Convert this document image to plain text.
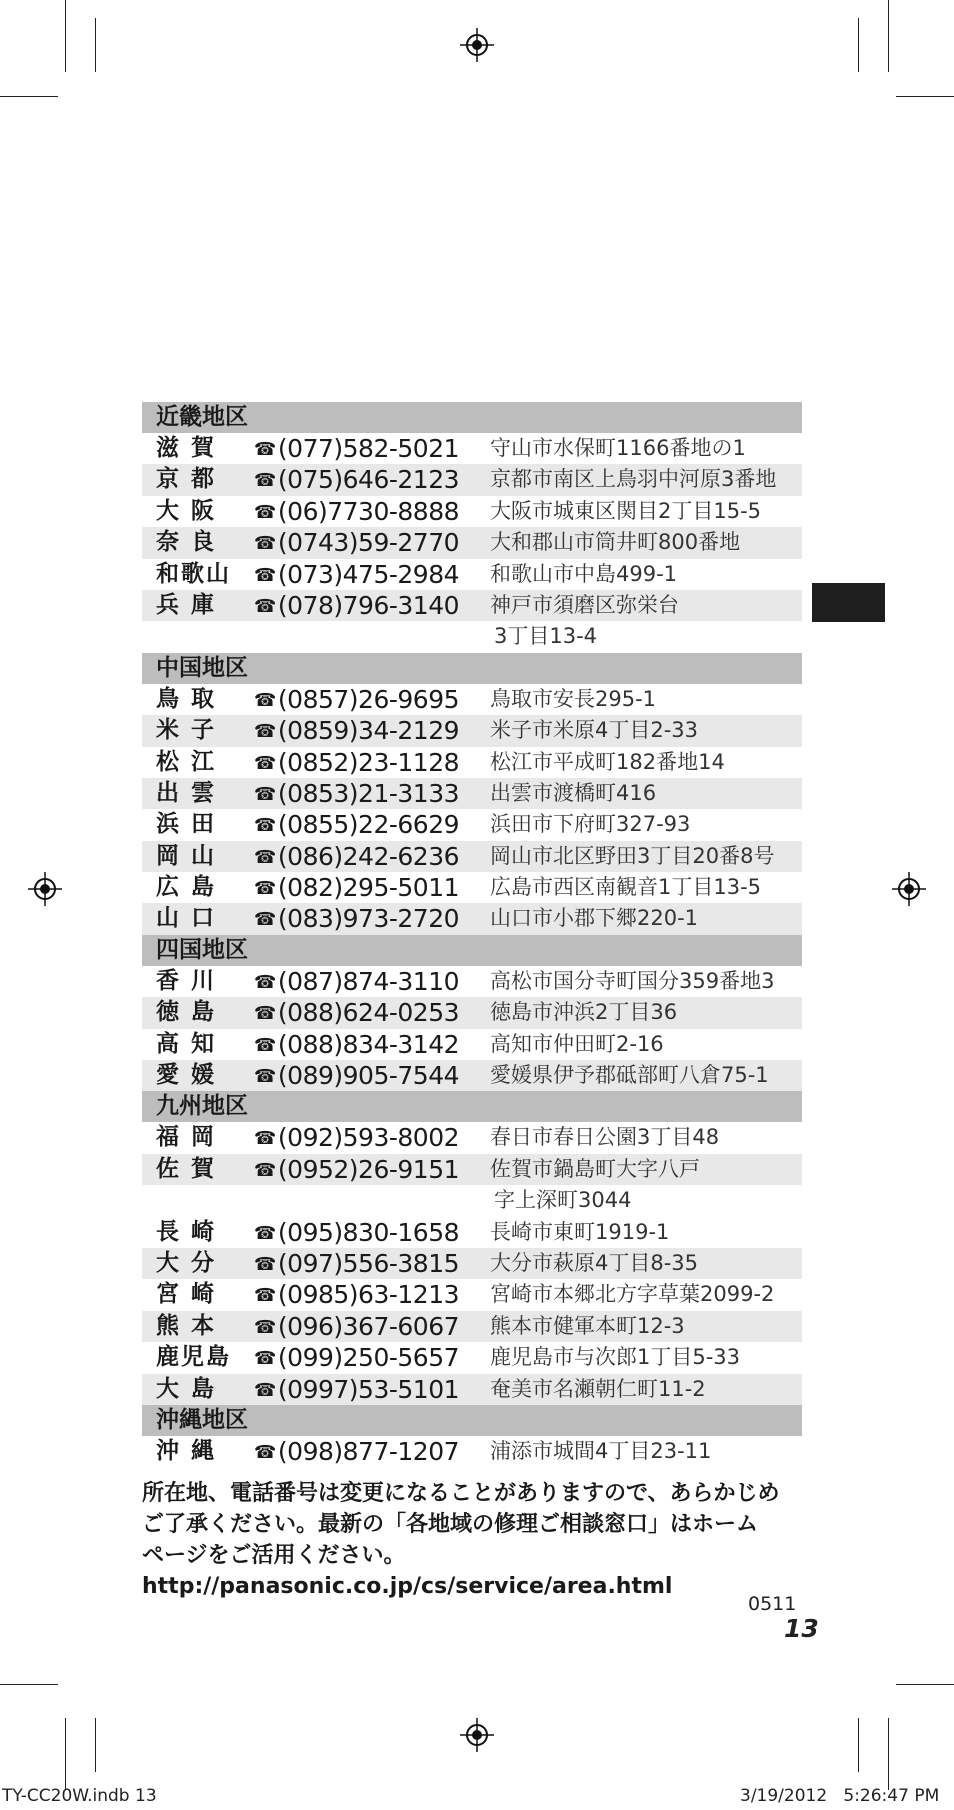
近畿地区
滋 賀	☎ (077)582-5021 守山市水保町1166番地の1
京 都	☎ (075)646-2123 京都市南区上鳥羽中河原3番地
大 阪	☎ (06)7730-8888 大阪市城東区関目2丁目15-5
奈 良	☎ (0743)59-2770 大和郡山市筒井町800番地
和歌山	☎ (073)475-2984 和歌山市中島499-1
兵 庫	☎ (078)796-3140 神戸市須磨区弥栄台
3丁目13-4
中国地区
鳥 取	☎ (0857)26-9695 鳥取市安長295-1
米 子	☎ (0859)34-2129 米子市米原4丁目2-33
松 江	☎ (0852)23-1128 松江市平成町182番地14
出 雲	☎ (0853)21-3133 出雲市渡橋町416
浜 田	☎ (0855)22-6629 浜田市下府町327-93
岡 山	☎ (086)242-6236 岡山市北区野田3丁目20番8号
広 島	☎ (082)295-5011 広島市西区南観音1丁目13-5
山 口	☎ (083)973-2720 山口市小郡下郷220-1
四国地区
香 川	☎ (087)874-3110 高松市国分寺町国分359番地3
徳 島	☎ (088)624-0253 徳島市沖浜2丁目36
高 知	☎ (088)834-3142 高知市仲田町2-16
愛 媛	☎ (089)905-7544 愛媛県伊予郡砥部町八倉75-1
九州地区
福 岡	☎ (092)593-8002 春日市春日公園3丁目48
佐 賀	☎ (0952)26-9151 佐賀市鍋島町大字八戸
字上深町3044
長 崎	☎ (095)830-1658 長崎市東町1919-1
大 分	☎ (097)556-3815 大分市萩原4丁目8-35
宮 崎	☎ (0985)63-1213 宮崎市本郷北方字草葉2099-2
熊 本	☎ (096)367-6067 熊本市健軍本町12-3
鹿児島	☎ (099)250-5657 鹿児島市与次郎1丁目5-33
大 島	☎ (0997)53-5101 奄美市名瀬朝仁町11-2
沖縄地区
沖 縄	☎ (098)877-1207 浦添市城間4丁目23-11
所在地、電話番号は変更になることがありますので、あらかじめ
ご了承ください。最新の「各地域の修理ご相談窓口」はホーム
ページをご活用ください。
http://panasonic.co.jp/cs/service/area.html
0511
13
TY-CC20W.indb 13	3/19/2012   5:26:47 PM
